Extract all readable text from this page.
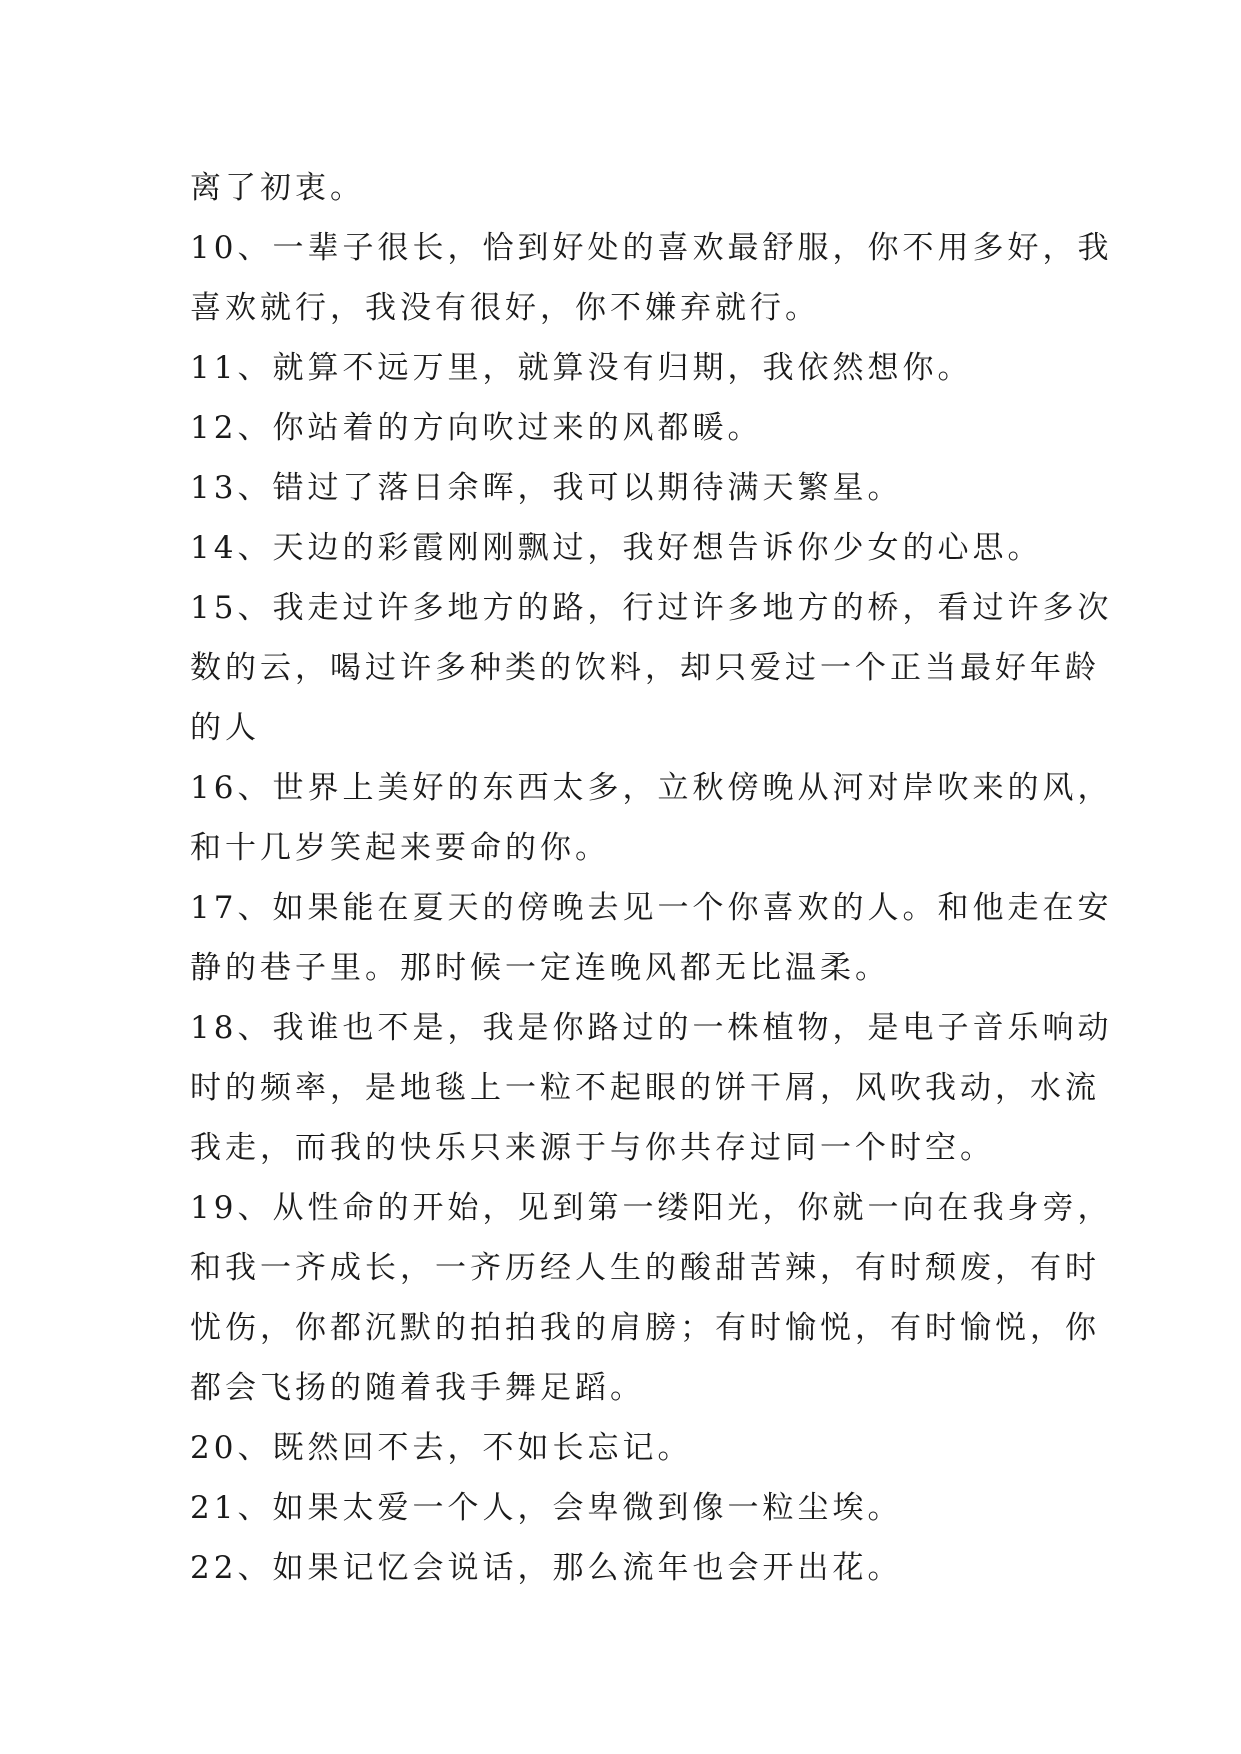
离了初衷。
10、一辈子很长，恰到好处的喜欢最舒服，你不用多好，我
喜欢就行，我没有很好，你不嫌弃就行。
11、就算不远万里，就算没有归期，我依然想你。
12、你站着的方向吹过来的风都暖。
13、错过了落日余晖，我可以期待满天繁星。
14、天边的彩霞刚刚飘过，我好想告诉你少女的心思。
15、我走过许多地方的路，行过许多地方的桥，看过许多次
数的云，喝过许多种类的饮料，却只爱过一个正当最好年龄
的人
16、世界上美好的东西太多，立秋傍晚从河对岸吹来的风，
和十几岁笑起来要命的你。
17、如果能在夏天的傍晚去见一个你喜欢的人。和他走在安
静的巷子里。那时候一定连晚风都无比温柔。
18、我谁也不是，我是你路过的一株植物，是电子音乐响动
时的频率，是地毯上一粒不起眼的饼干屑，风吹我动，水流
我走，而我的快乐只来源于与你共存过同一个时空。
19、从性命的开始，见到第一缕阳光，你就一向在我身旁，
和我一齐成长，一齐历经人生的酸甜苦辣，有时颓废，有时
忧伤，你都沉默的拍拍我的肩膀；有时愉悦，有时愉悦，你
都会飞扬的随着我手舞足蹈。
20、既然回不去，不如长忘记。
21、如果太爱一个人，会卑微到像一粒尘埃。
22、如果记忆会说话，那么流年也会开出花。
